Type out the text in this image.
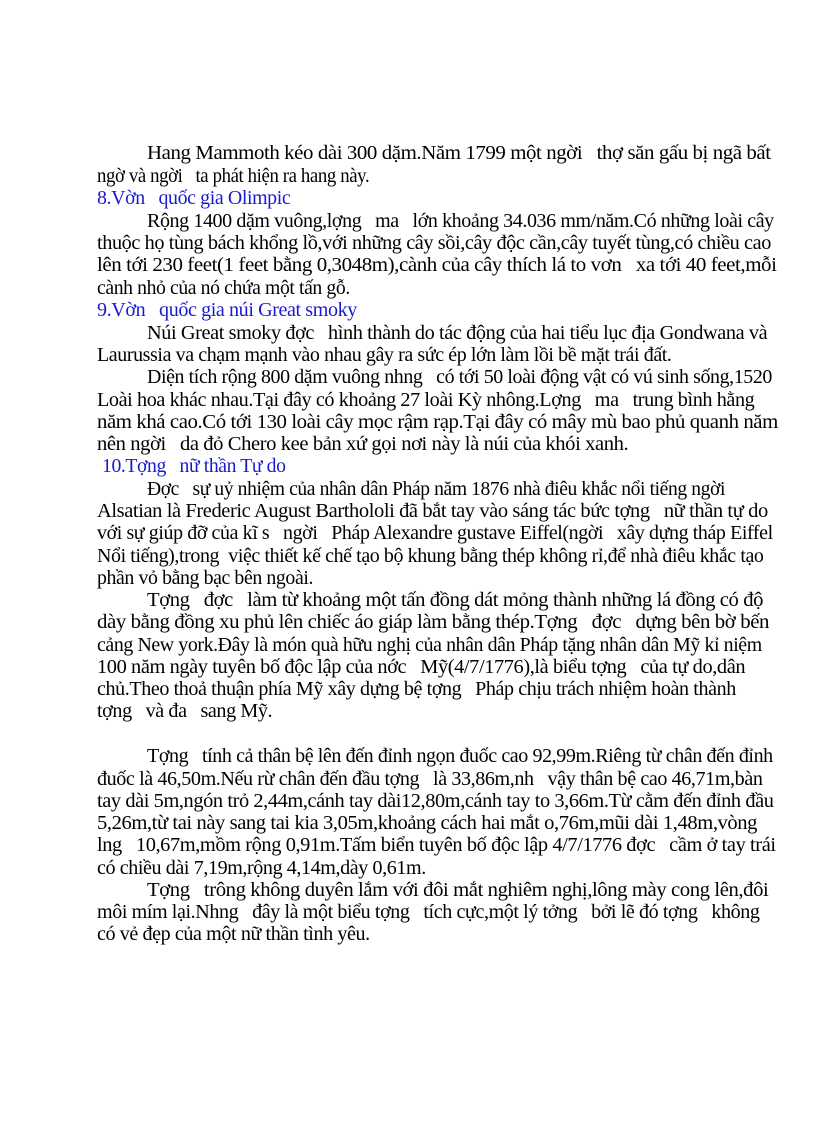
Hang Mammoth kéo dài 300 dặm.Năm 1799 một ngời   thợ săn gấu bị ngã bất
ngờ và ngời   ta phát hiện ra hang này.
8.Vờn   quốc gia Olimpic
Rộng 1400 dặm vuông,lợng   ma   lớn khoảng 34.036 mm/năm.Có những loài cây
thuộc họ tùng bách khổng lồ,với những cây sồi,cây độc cần,cây tuyết tùng,có chiều cao
lên tới 230 feet(1 feet bằng 0,3048m),cành của cây thích lá to vơn   xa tới 40 feet,mỗi
cành nhỏ của nó chứa một tấn gỗ.
9.Vờn   quốc gia núi Great smoky
Núi Great smoky đợc   hình thành do tác động của hai tiểu lục địa Gondwana và
Laurussia va chạm mạnh vào nhau gây ra sức ép lớn làm lồi bề mặt trái đất.
Diện tích rộng 800 dặm vuông nhng   có tới 50 loài động vật có vú sinh sống,1520
Loài hoa khác nhau.Tại đây có khoảng 27 loài Kỳ nhông.Lợng   ma   trung bình hằng
năm khá cao.Có tới 130 loài cây mọc rậm rạp.Tại đây có mây mù bao phủ quanh năm
nên ngời   da đỏ Chero kee bản xứ gọi nơi này là núi của khói xanh.
10.Tợng   nữ thần Tự do
Đợc   sự uỷ nhiệm của nhân dân Pháp năm 1876 nhà điêu khắc nổi tiếng ngời
Alsatian là Frederic August Barthololi đã bắt tay vào sáng tác bức tợng   nữ thần tự do
với sự giúp đỡ của kĩ s   ngời   Pháp Alexandre gustave Eiffel(ngời   xây dựng tháp Eiffel
Nổi tiếng),trong  việc thiết kế chế tạo bộ khung bằng thép không rỉ,để nhà điêu khắc tạo
phần vỏ bằng bạc bên ngoài.
Tợng   đợc   làm từ khoảng một tấn đồng dát mỏng thành những lá đồng có độ
dày bằng đồng xu phủ lên chiếc áo giáp làm bằng thép.Tợng   đợc   dựng bên bờ bến
cảng New york.Đây là món quà hữu nghị của nhân dân Pháp tặng nhân dân Mỹ kỉ niệm
100 năm ngày tuyên bố độc lập của nớc   Mỹ(4/7/1776),là biểu tợng   của tự do,dân
chủ.Theo thoả thuận phía Mỹ xây dựng bệ tợng   Pháp chịu trách nhiệm hoàn thành
tợng   và đa   sang Mỹ.
Tợng   tính cả thân bệ lên đến đỉnh ngọn đuốc cao 92,99m.Riêng từ chân đến đỉnh
đuốc là 46,50m.Nếu rừ chân đến đầu tợng   là 33,86m,nh   vậy thân bệ cao 46,71m,bàn
tay dài 5m,ngón trỏ 2,44m,cánh tay dài12,80m,cánh tay to 3,66m.Từ cằm đến đỉnh đầu
5,26m,từ tai này sang tai kia 3,05m,khoảng cách hai mắt o,76m,mũi dài 1,48m,vòng
lng   10,67m,mồm rộng 0,91m.Tấm biển tuyên bố độc lập 4/7/1776 đợc   cầm ở tay trái
có chiều dài 7,19m,rộng 4,14m,dày 0,61m.
Tợng   trông không duyên lắm với đôi mắt nghiêm nghị,lông mày cong lên,đôi
môi mím lại.Nhng   đây là một biểu tợng   tích cực,một lý tởng   bởi lẽ đó tợng   không
có vẻ đẹp của một nữ thần tình yêu.
